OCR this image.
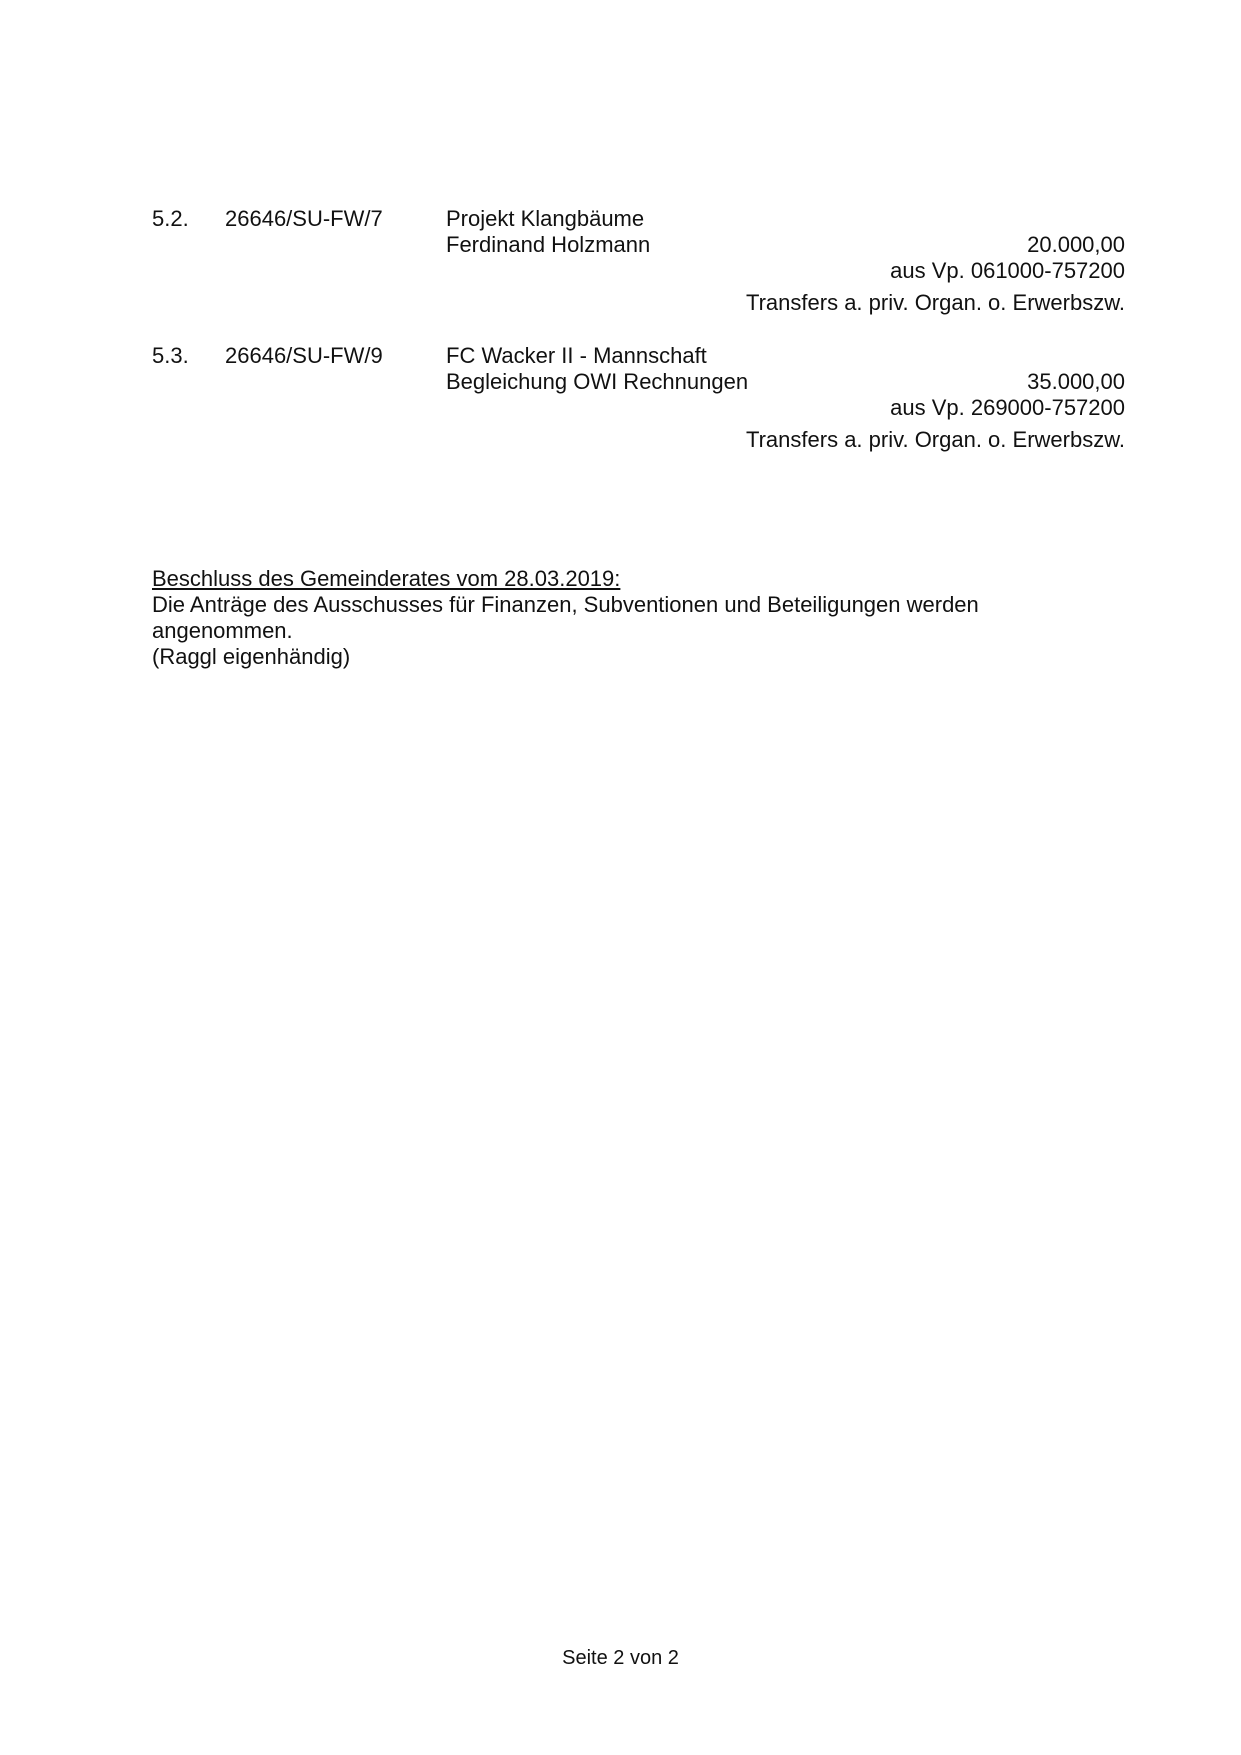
5.2. 26646/SU-FW/7	Projekt Klangbäume
Ferdinand Holzmann	20.000,00
aus Vp. 061000-757200
Transfers a. priv. Organ. o. Erwerbszw.
5.3. 26646/SU-FW/9	FC Wacker II - Mannschaft
Begleichung OWI Rechnungen	35.000,00
aus Vp. 269000-757200
Transfers a. priv. Organ. o. Erwerbszw.
Beschluss des Gemeinderates vom 28.03.2019:
Die Anträge des Ausschusses für Finanzen, Subventionen und Beteiligungen werden
angenommen.
(Raggl eigenhändig)
Seite 2 von 2
